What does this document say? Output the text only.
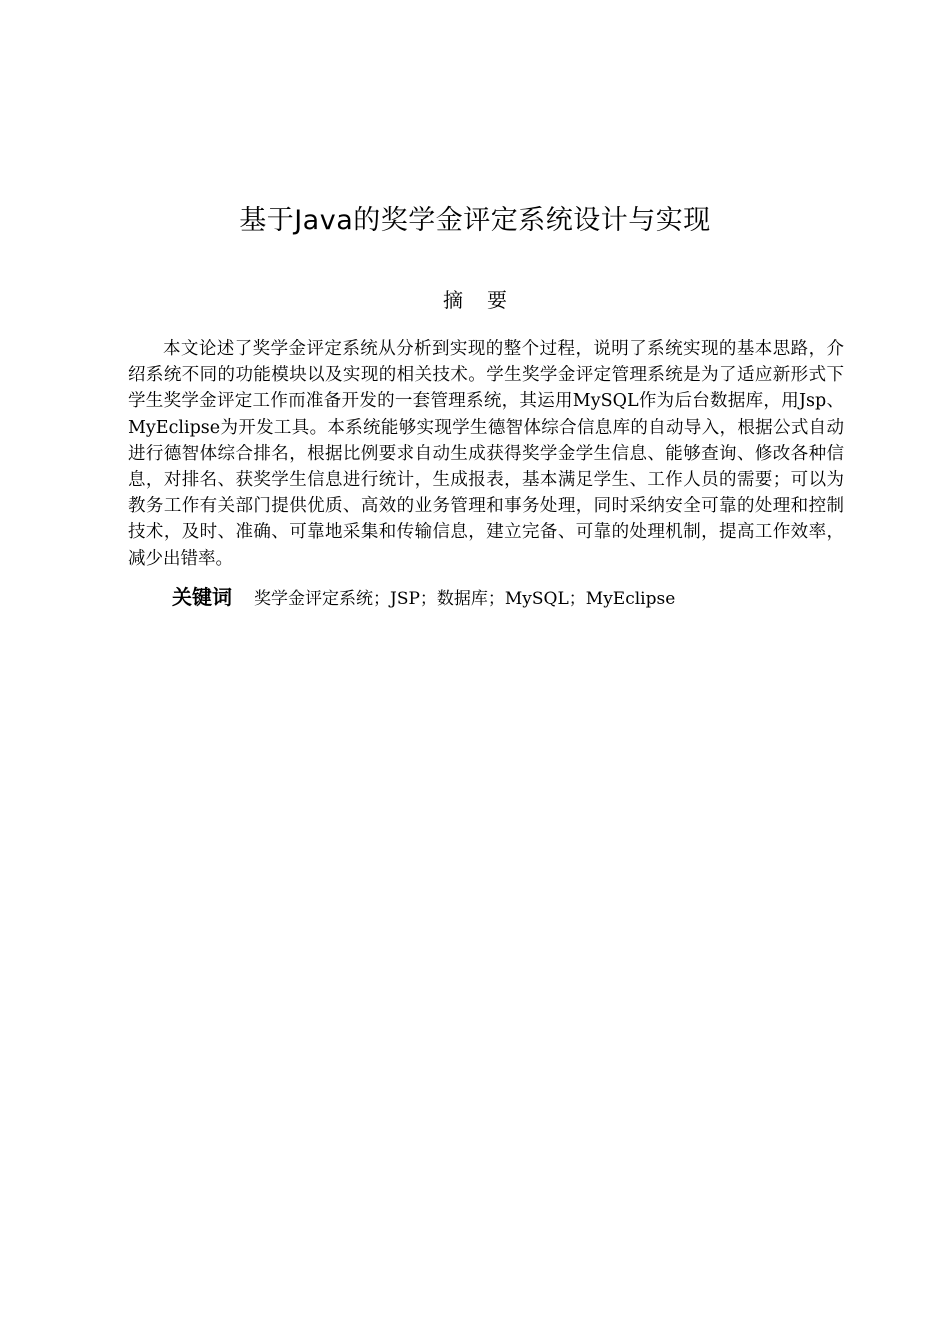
基于Java的奖学金评定系统设计与实现
摘要

本文论述了奖学金评定系统从分析到实现的整个过程，说明了系统实现的基本思路，介绍系统不同的功能模块以及实现的相关技术。学生奖学金评定管理系统是为了适应新形式下学生奖学金评定工作而准备开发的一套管理系统，其运用MySQL作为后台数据库，用Jsp、MyEclipse为开发工具。本系统能够实现学生德智体综合信息库的自动导入，根据公式自动进行德智体综合排名，根据比例要求自动生成获得奖学金学生信息、能够查询、修改各种信息，对排名、获奖学生信息进行统计，生成报表，基本满足学生、工作人员的需要；可以为教务工作有关部门提供优质、高效的业务管理和事务处理，同时采纳安全可靠的处理和控制技术，及时、准确、可靠地采集和传输信息，建立完备、可靠的处理机制，提高工作效率，减少出错率。

关键词 奖学金评定系统；JSP；数据库；MySQL；MyEclipse
